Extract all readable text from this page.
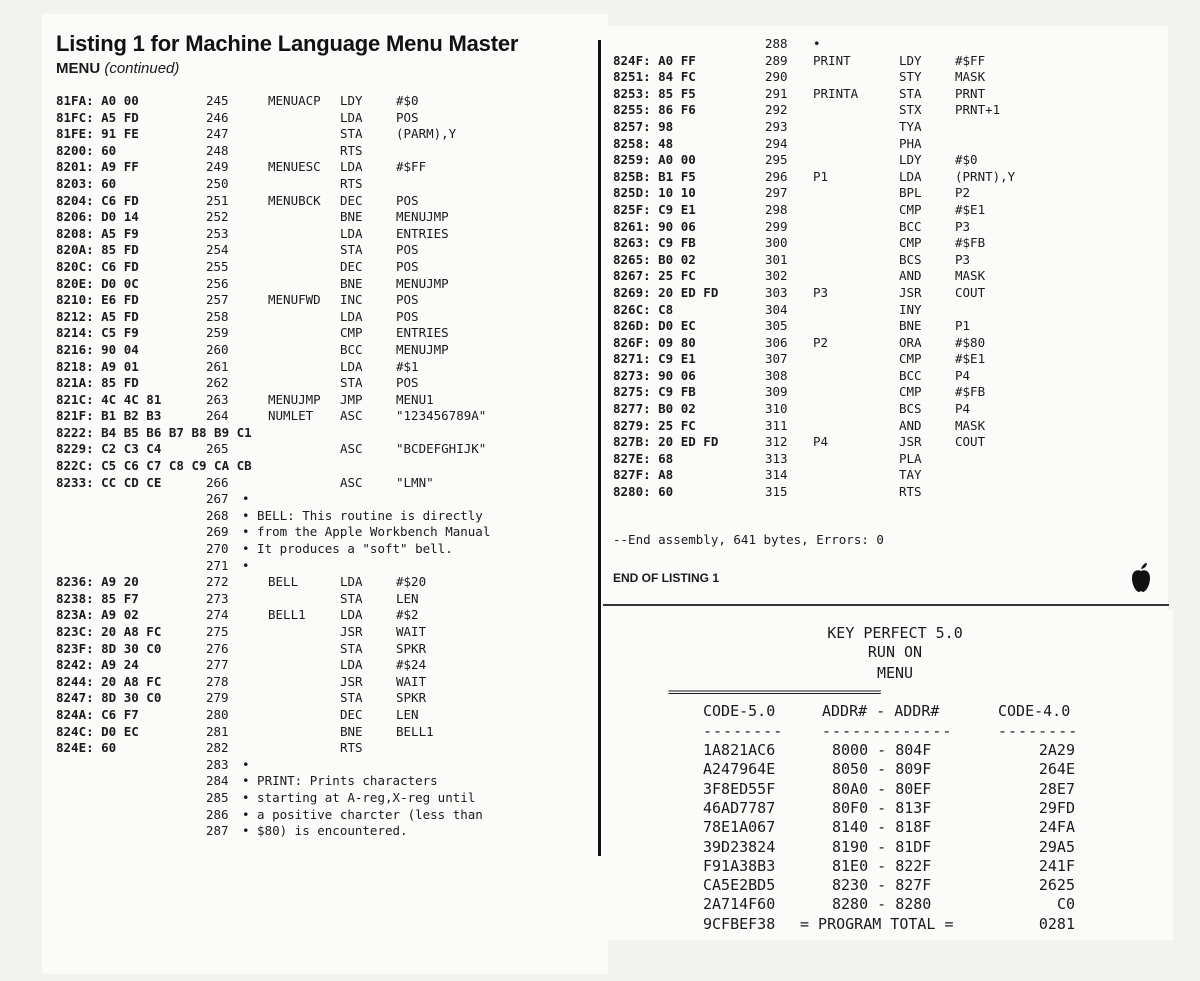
Listing 1 for Machine Language Menu Master
MENU (continued)
81FA: A0 00	245	MENUACP LDY	#$0
81FC: A5 FD	246	LDA	POS
81FE: 91 FE	247	STA	(PARM),Y
8200: 60	248	RTS
8201: A9 FF	249	MENUESC LDA	#$FF
8203: 60	250	RTS
8204: C6 FD	251	MENUBCK DEC	POS
8206: D0 14	252	BNE	MENUJMP
8208: A5 F9	253	LDA	ENTRIES
820A: 85 FD	254	STA	POS
820C: C6 FD	255	DEC	POS
820E: D0 0C	256	BNE	MENUJMP
8210: E6 FD	257	MENUFWD INC	POS
8212: A5 FD	258	LDA	POS
8214: C5 F9	259	CMP	ENTRIES
8216: 90 04	260	BCC	MENUJMP
8218: A9 01	261	LDA	#$1
821A: 85 FD	262	STA	POS
821C: 4C 4C 81	263	MENUJMP JMP	MENU1
821F: B1 B2 B3	264	NUMLET ASC	"123456789A"
8222: B4 B5 B6 B7 B8 B9 C1
8229: C2 C3 C4	265	ASC	"BCDEFGHIJK"
822C: C5 C6 C7 C8 C9 CA CB
8233: CC CD CE	266	ASC	"LMN"
267 •
268 • BELL: This routine is directly
269 • from the Apple Workbench Manual
270 • It produces a "soft" bell.
271 •
8236: A9 20	272	BELL	LDA	#$20
8238: 85 F7	273	STA	LEN
823A: A9 02	274	BELL1	LDA	#$2
823C: 20 A8 FC	275	JSR	WAIT
823F: 8D 30 C0	276	STA	SPKR
8242: A9 24	277	LDA	#$24
8244: 20 A8 FC	278	JSR	WAIT
8247: 8D 30 C0	279	STA	SPKR
824A: C6 F7	280	DEC	LEN
824C: D0 EC	281	BNE	BELL1
824E: 60	282	RTS
283 •
284 • PRINT: Prints characters
285 • starting at A-reg,X-reg until
286 • a positive charcter (less than
287 • $80) is encountered.
288 •
824F: A0 FF	289 PRINT	LDY	#$FF
8251: 84 FC	290	STY	MASK
8253: 85 F5	291 PRINTA	STA	PRNT
8255: 86 F6	292	STX	PRNT+1
8257: 98	293	TYA
8258: 48	294	PHA
8259: A0 00	295	LDY	#$0
825B: B1 F5	296 P1	LDA	(PRNT),Y
825D: 10 10	297	BPL	P2
825F: C9 E1	298	CMP	#$E1
8261: 90 06	299	BCC	P3
8263: C9 FB	300	CMP	#$FB
8265: B0 02	301	BCS	P3
8267: 25 FC	302	AND	MASK
8269: 20 ED FD	303 P3	JSR	COUT
826C: C8	304	INY
826D: D0 EC	305	BNE	P1
826F: 09 80	306 P2	ORA	#$80
8271: C9 E1	307	CMP	#$E1
8273: 90 06	308	BCC	P4
8275: C9 FB	309	CMP	#$FB
8277: B0 02	310	BCS	P4
8279: 25 FC	311	AND	MASK
827B: 20 ED FD	312 P4	JSR	COUT
827E: 68	313	PLA
827F: A8	314	TAY
8280: 60	315	RTS
--End assembly, 641 bytes, Errors: 0
END OF LISTING 1
KEY PERFECT 5.0
RUN ON
MENU
=====================================
CODE-5.0	ADDR# - ADDR#	CODE-4.0
--------	-------------	--------
1A821AC6	8000 - 804F	2A29
A247964E	8050 - 809F	264E
3F8ED55F	80A0 - 80EF	28E7
46AD7787	80F0 - 813F	29FD
78E1A067	8140 - 818F	24FA
39D23824	8190 - 81DF	29A5
F91A38B3	81E0 - 822F	241F
CA5E2BD5	8230 - 827F	2625
2A714F60	8280 - 8280	C0
9CFBEF38 = PROGRAM TOTAL =	0281
